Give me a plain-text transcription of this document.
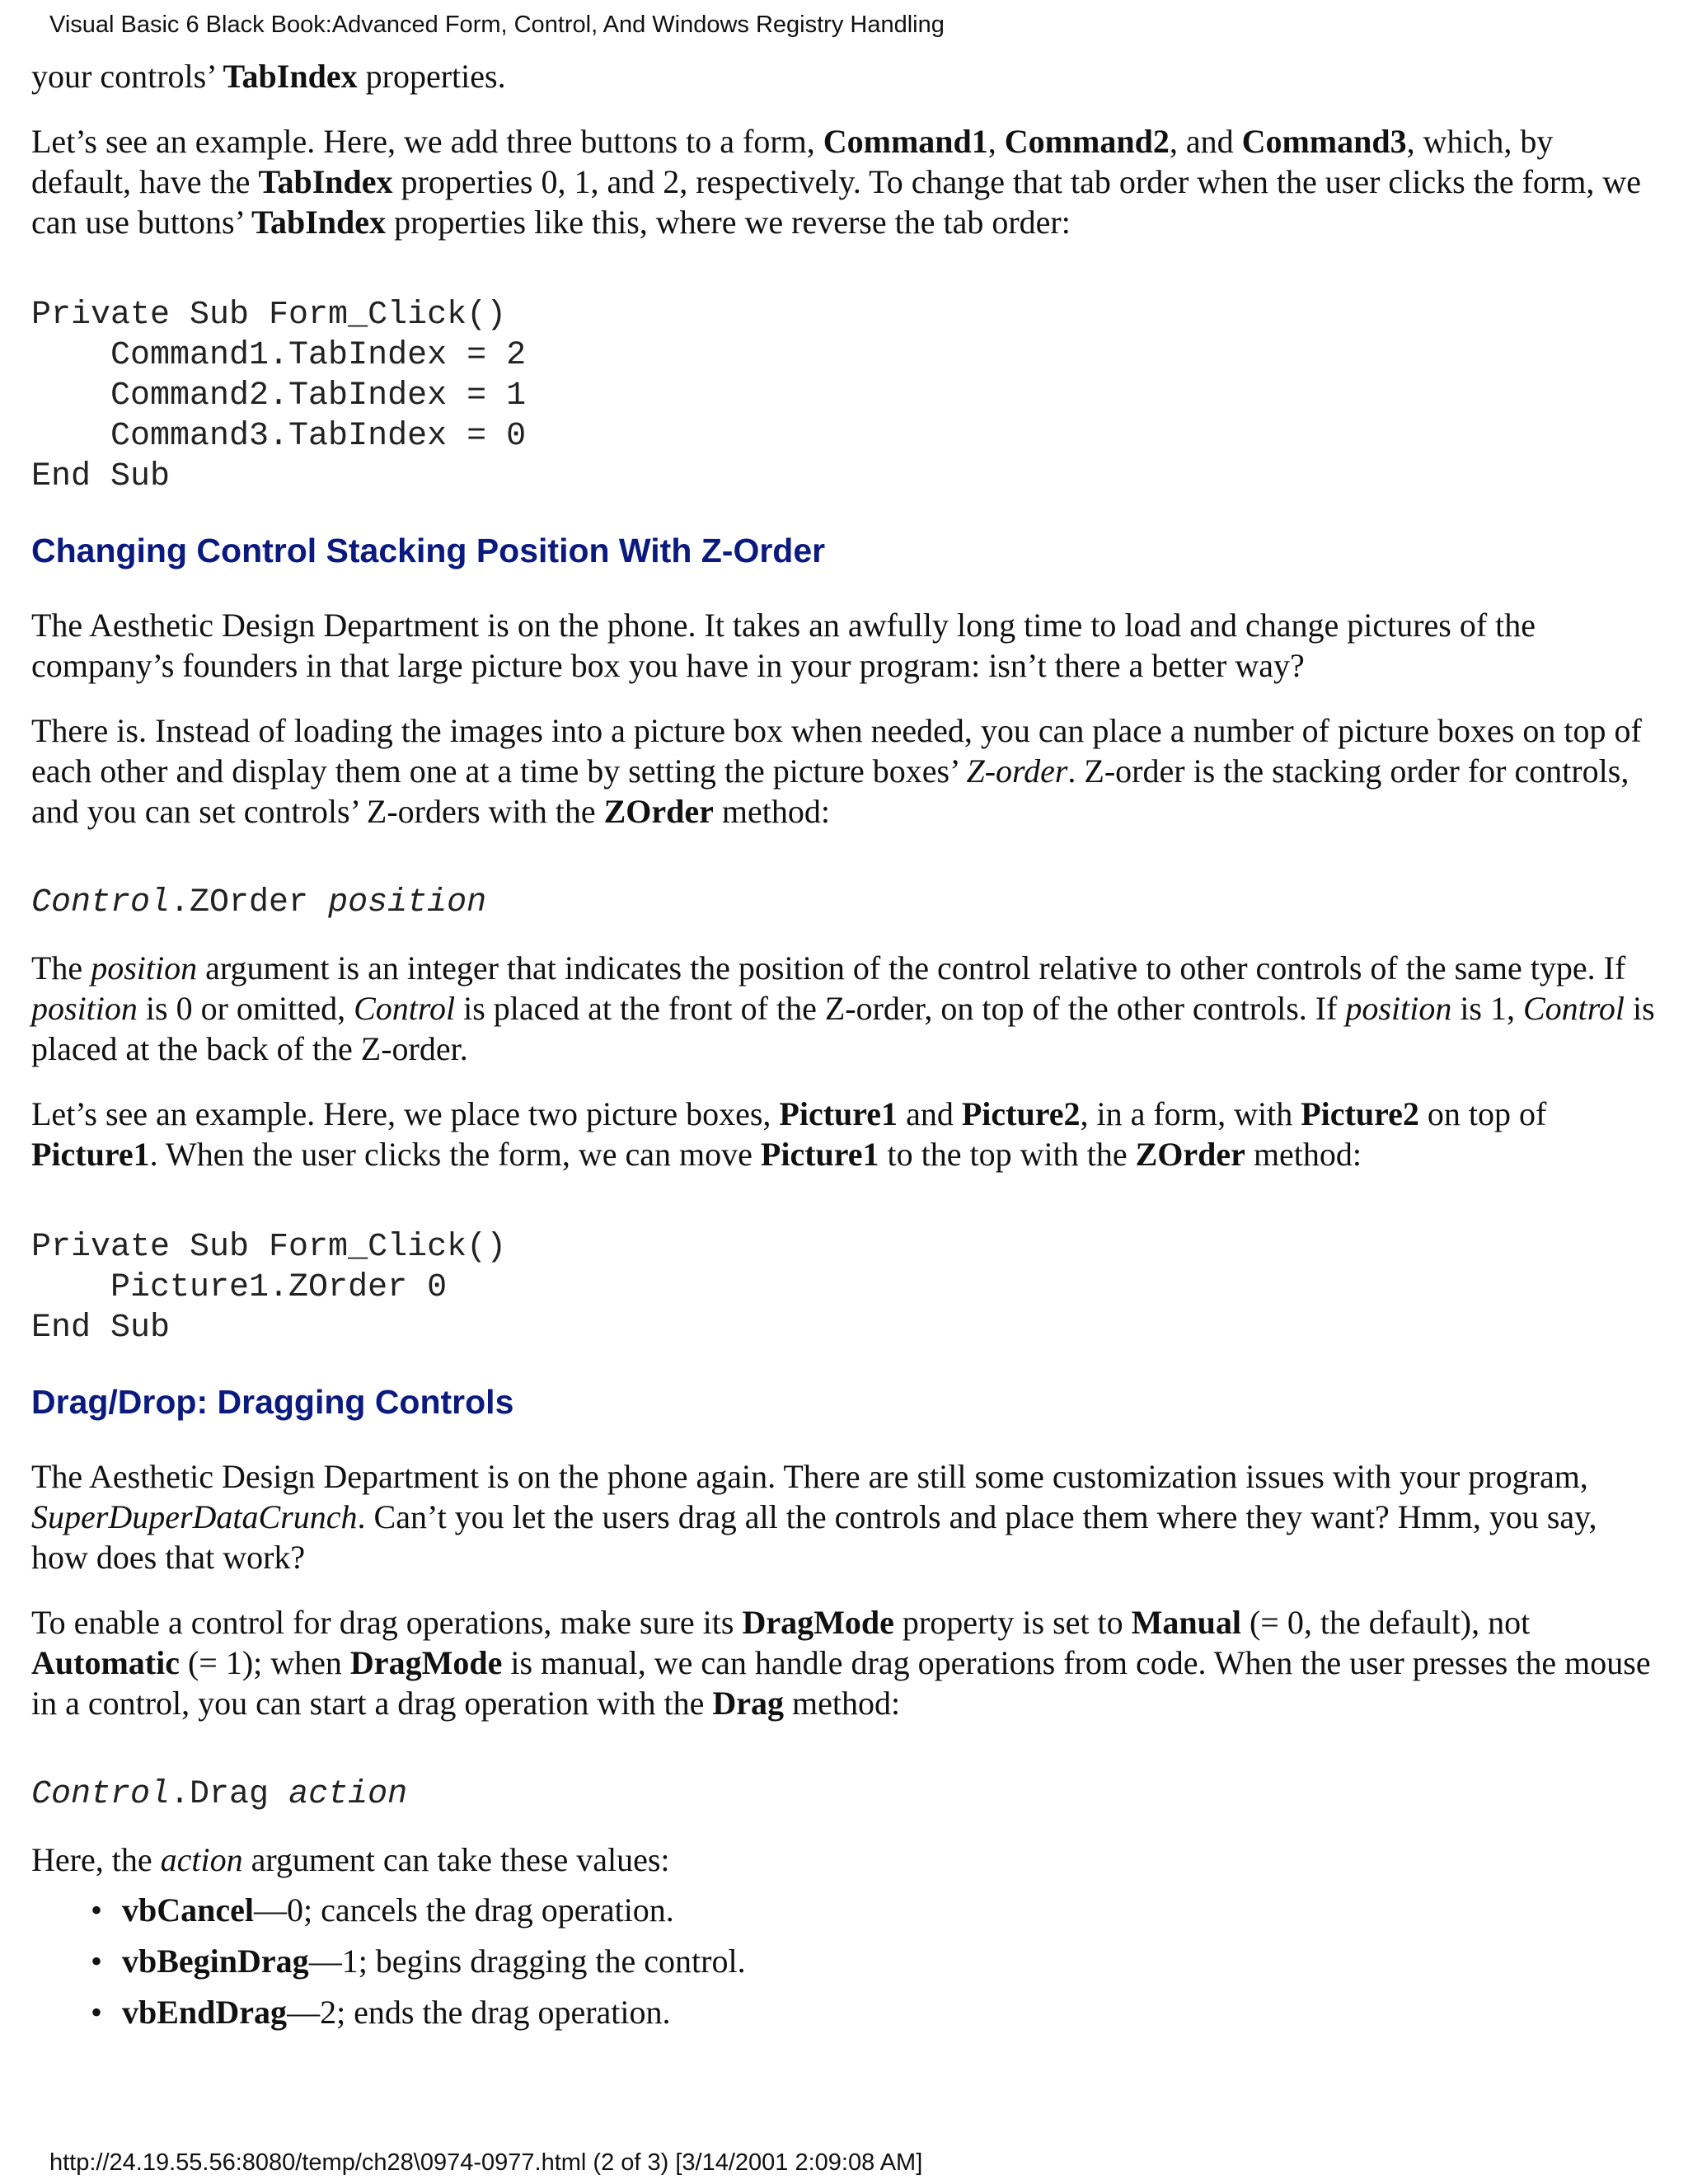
Visual Basic 6 Black Book:Advanced Form, Control, And Windows Registry Handling

your controls’ TabIndex properties.

Let’s see an example. Here, we add three buttons to a form, Command1, Command2, and Command3, which, by default, have the TabIndex properties 0, 1, and 2, respectively. To change that tab order when the user clicks the form, we can use buttons’ TabIndex properties like this, where we reverse the tab order:

Private Sub Form_Click()
Command1.TabIndex = 2
Command2.TabIndex = 1
Command3.TabIndex = 0
End Sub
Changing Control Stacking Position With Z-Order

The Aesthetic Design Department is on the phone. It takes an awfully long time to load and change pictures of the company’s founders in that large picture box you have in your program: isn’t there a better way?

There is. Instead of loading the images into a picture box when needed, you can place a number of picture boxes on top of each other and display them one at a time by setting the picture boxes’ Z-order. Z-order is the stacking order for controls, and you can set controls’ Z-orders with the ZOrder method:

Control.ZOrder position

The position argument is an integer that indicates the position of the control relative to other controls of the same type. If position is 0 or omitted, Control is placed at the front of the Z-order, on top of the other controls. If position is 1, Control is placed at the back of the Z-order.

Let’s see an example. Here, we place two picture boxes, Picture1 and Picture2, in a form, with Picture2 on top of Picture1. When the user clicks the form, we can move Picture1 to the top with the ZOrder method:

Private Sub Form_Click()
Picture1.ZOrder 0
End Sub
Drag/Drop: Dragging Controls

The Aesthetic Design Department is on the phone again. There are still some customization issues with your program, SuperDuperDataCrunch. Can’t you let the users drag all the controls and place them where they want? Hmm, you say, how does that work?

To enable a control for drag operations, make sure its DragMode property is set to Manual (= 0, the default), not Automatic (= 1); when DragMode is manual, we can handle drag operations from code. When the user presses the mouse in a control, you can start a drag operation with the Drag method:

Control.Drag action

Here, the action argument can take these values:

• vbCancel—0; cancels the drag operation.
• vbBeginDrag—1; begins dragging the control.
• vbEndDrag—2; ends the drag operation.
http://24.19.55.56:8080/temp/ch28\0974-0977.html (2 of 3) [3/14/2001 2:09:08 AM]
